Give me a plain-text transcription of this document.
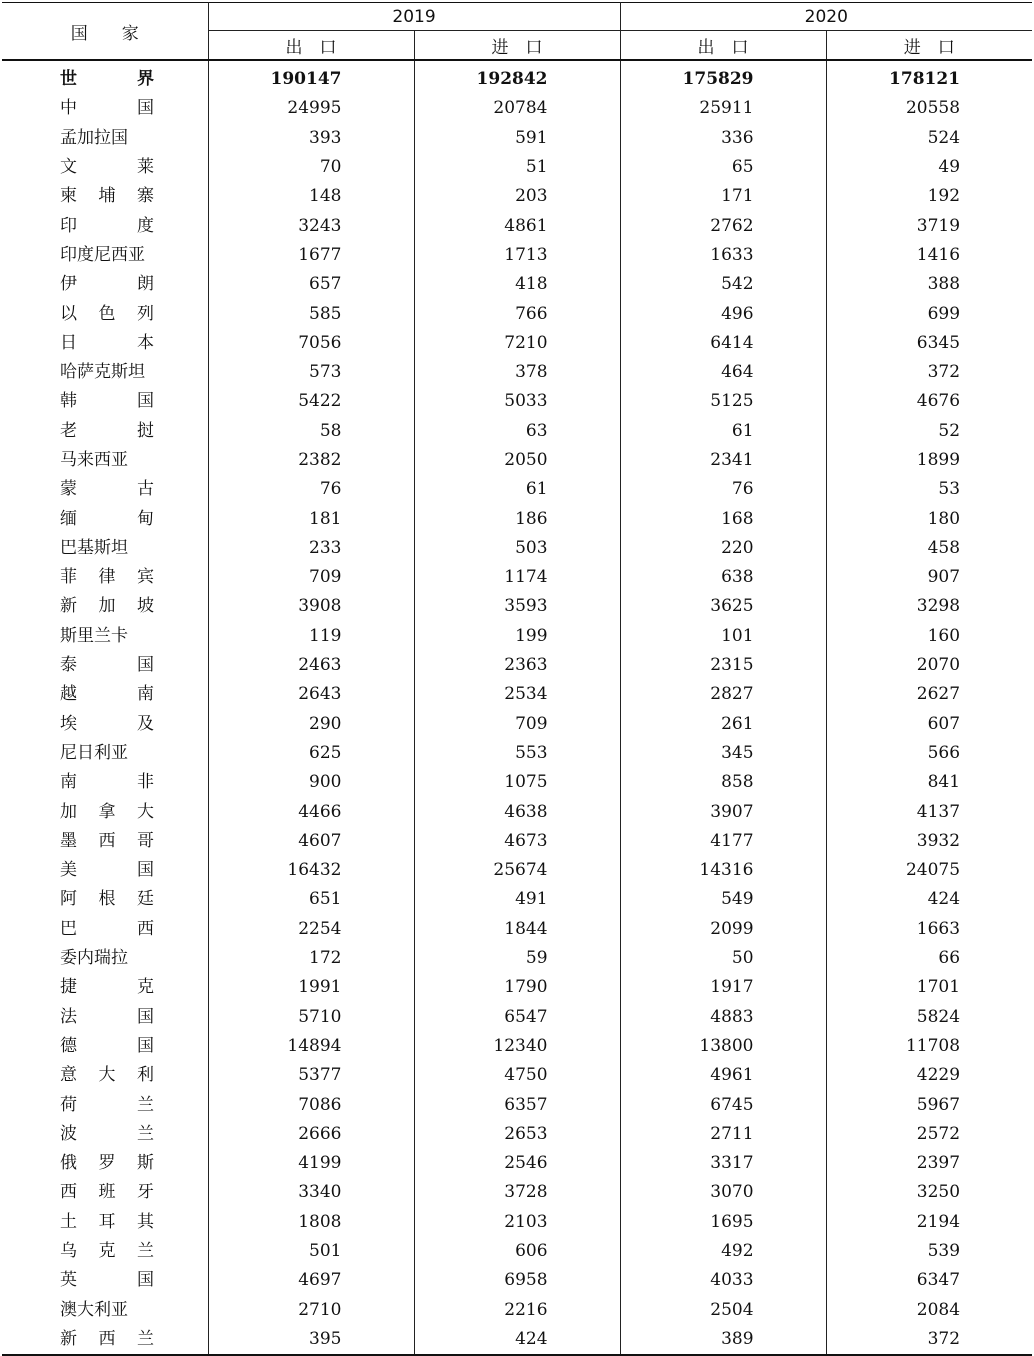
国　　家	2019		2020	
	出　口	进　口	出　口	进　口
世 界	190147	192842	175829	178121
中 国	24995	20784	25911	20558
孟加拉国	393	591	336	524
文 莱	70	51	65	49
柬 埔 寨	148	203	171	192
印 度	3243	4861	2762	3719
印度尼西亚	1677	1713	1633	1416
伊 朗	657	418	542	388
以 色 列	585	766	496	699
日 本	7056	7210	6414	6345
哈萨克斯坦	573	378	464	372
韩 国	5422	5033	5125	4676
老 挝	58	63	61	52
马来西亚	2382	2050	2341	1899
蒙 古	76	61	76	53
缅 甸	181	186	168	180
巴基斯坦	233	503	220	458
菲 律 宾	709	1174	638	907
新 加 坡	3908	3593	3625	3298
斯里兰卡	119	199	101	160
泰 国	2463	2363	2315	2070
越 南	2643	2534	2827	2627
埃 及	290	709	261	607
尼日利亚	625	553	345	566
南 非	900	1075	858	841
加 拿 大	4466	4638	3907	4137
墨 西 哥	4607	4673	4177	3932
美 国	16432	25674	14316	24075
阿 根 廷	651	491	549	424
巴 西	2254	1844	2099	1663
委内瑞拉	172	59	50	66
捷 克	1991	1790	1917	1701
法 国	5710	6547	4883	5824
德 国	14894	12340	13800	11708
意 大 利	5377	4750	4961	4229
荷 兰	7086	6357	6745	5967
波 兰	2666	2653	2711	2572
俄 罗 斯	4199	2546	3317	2397
西 班 牙	3340	3728	3070	3250
土 耳 其	1808	2103	1695	2194
乌 克 兰	501	606	492	539
英 国	4697	6958	4033	6347
澳大利亚	2710	2216	2504	2084
新 西 兰	395	424	389	372
